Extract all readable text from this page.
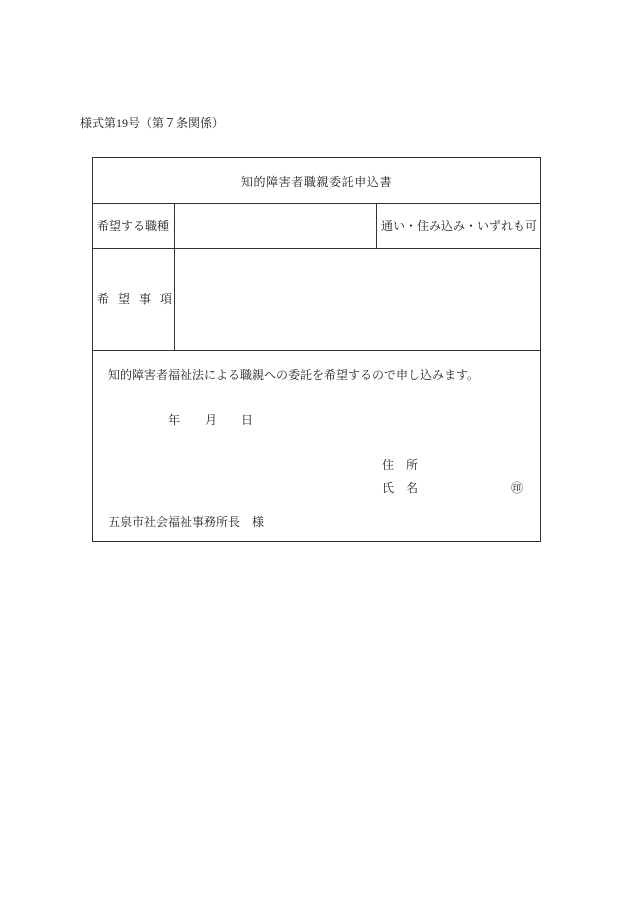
様式第19号（第７条関係）
知的障害者職親委託申込書
希望する職種	通い・住み込み・いずれも可
希 望 事 項
知的障害者福祉法による職親への委託を希望するので申し込みます。
年 月 日
住　所
氏　名	㊞
五泉市社会福祉事務所長　様
